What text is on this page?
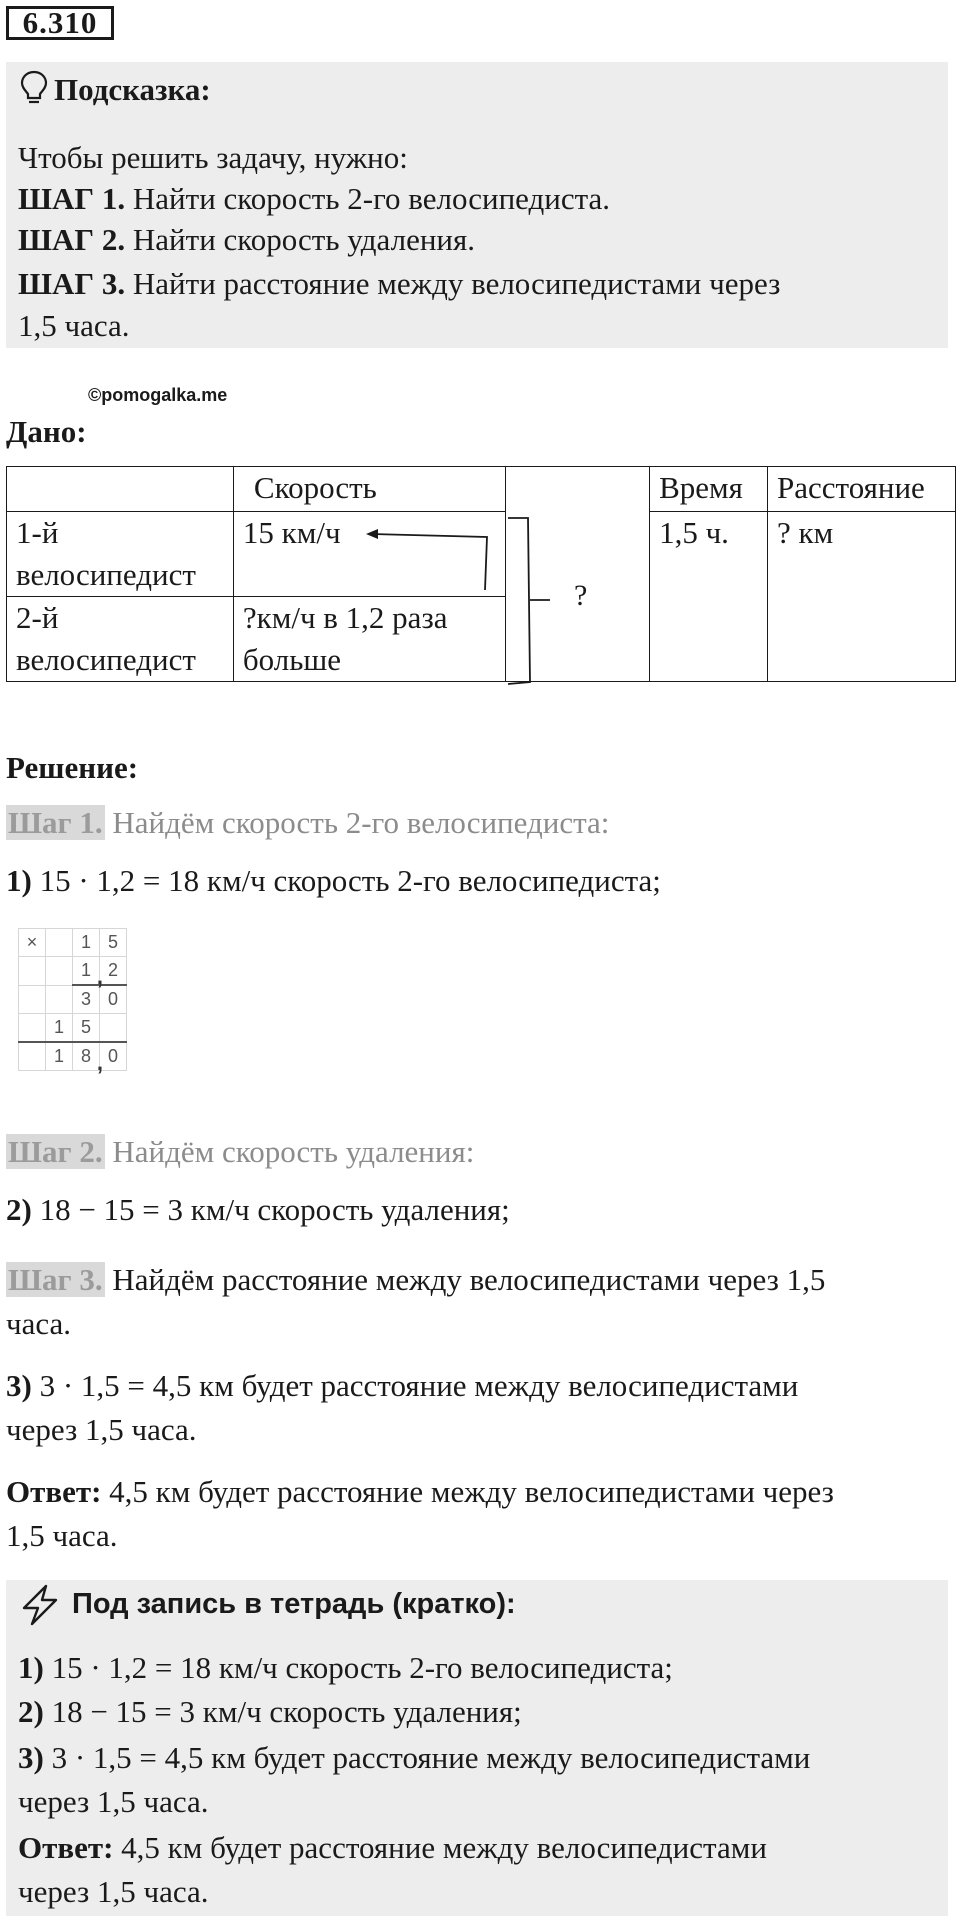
6.310
Подсказка:
Чтобы решить задачу, нужно:
ШАГ 1. Найти скорость 2-го велосипедиста.
ШАГ 2. Найти скорость удаления.
ШАГ 3. Найти расстояние между велосипедистами через
1,5 часа.
©pomogalka.me
Дано:
	Скорость		Время	Расстояние
1-й велосипедист	15 км/ч		1,5 ч.	? км
2-й велосипедист	?км/ч в 1,2 раза больше			
?
Решение:
Шаг 1. Найдём скорость 2-го велосипедиста:
1) 15 · 1,2 = 18 км/ч скорость 2-го велосипедиста;
×		1	5
		1 ,	2
		3	0
	1	5	
	1	8 ,	0
Шаг 2. Найдём скорость удаления:
2) 18 − 15 = 3 км/ч скорость удаления;
Шаг 3. Найдём расстояние между велосипедистами через 1,5
часа.
3) 3 · 1,5 = 4,5 км будет расстояние между велосипедистами
через 1,5 часа.
Ответ: 4,5 км будет расстояние между велосипедистами через
1,5 часа.
Под запись в тетрадь (кратко):
1) 15 · 1,2 = 18 км/ч скорость 2-го велосипедиста;
2) 18 − 15 = 3 км/ч скорость удаления;
3) 3 · 1,5 = 4,5 км будет расстояние между велосипедистами
через 1,5 часа.
Ответ: 4,5 км будет расстояние между велосипедистами
через 1,5 часа.
